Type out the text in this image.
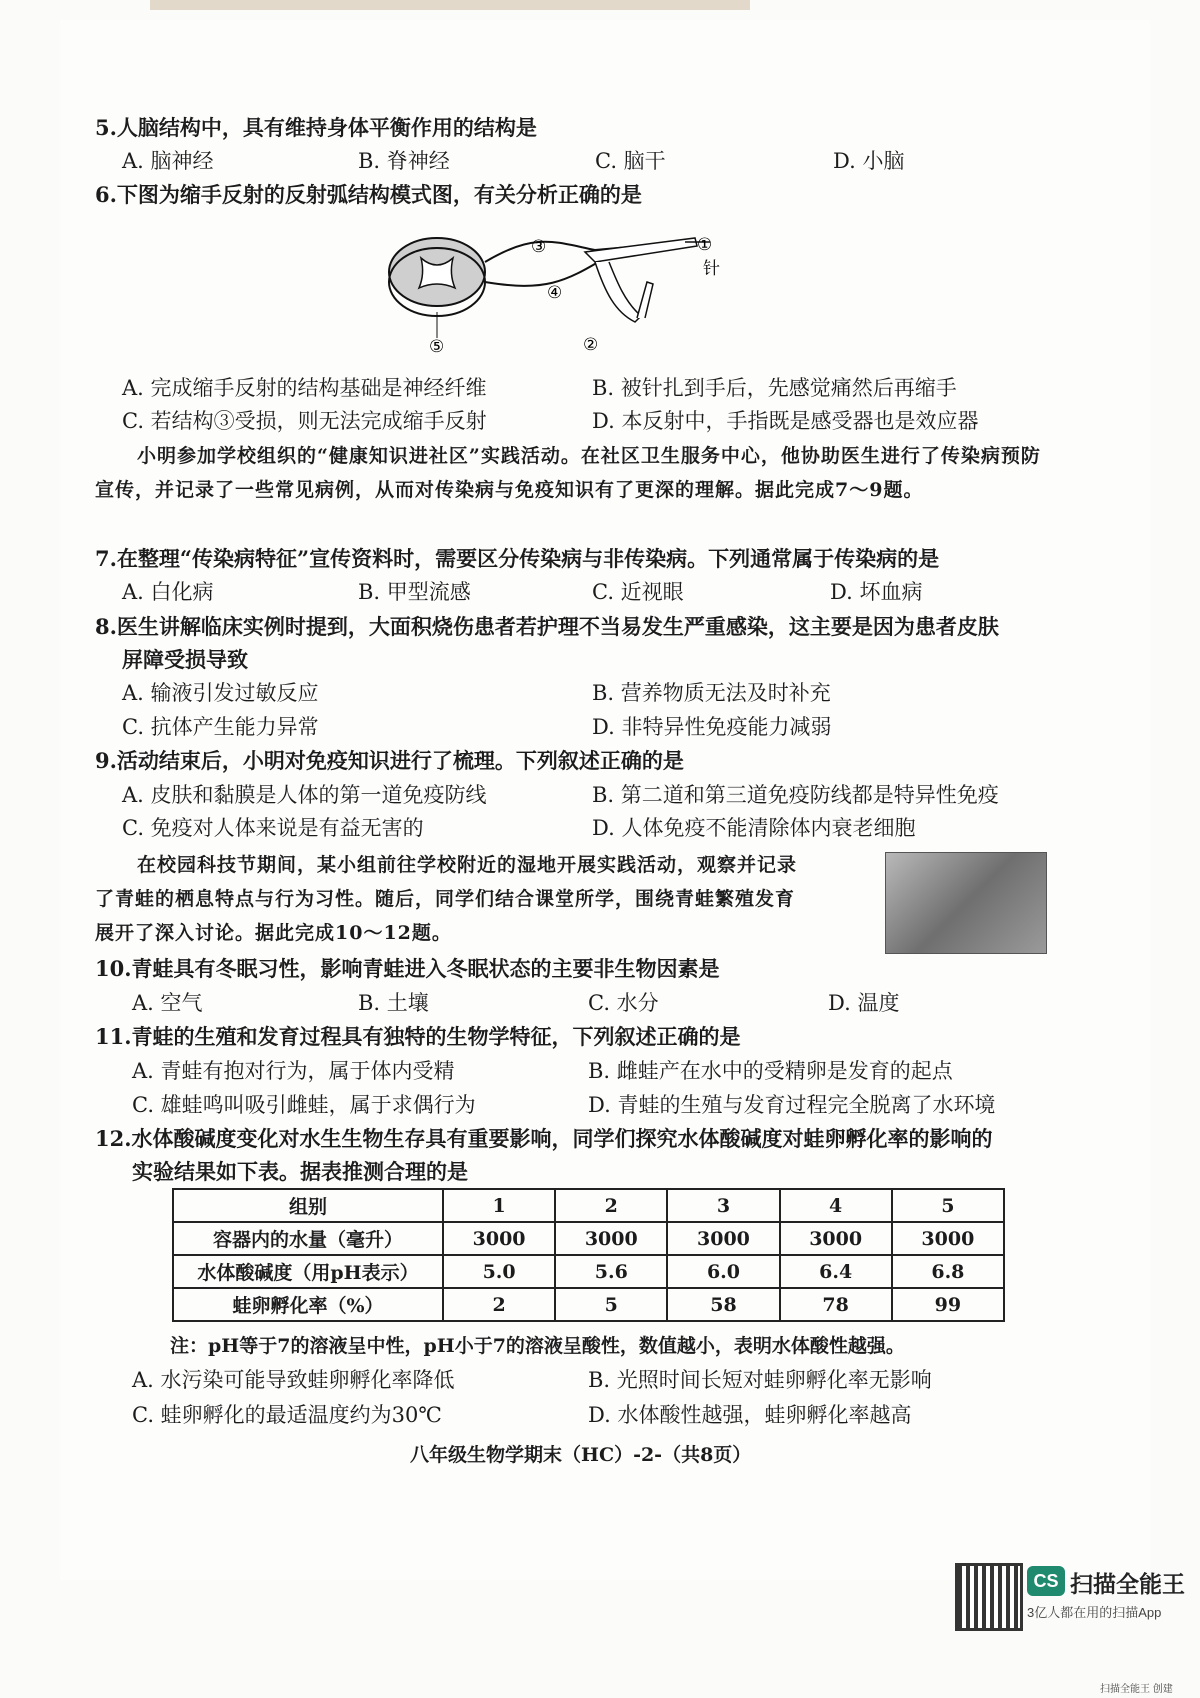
5.人脑结构中，具有维持身体平衡作用的结构是
A. 脑神经	B. 脊神经	C. 脑干	D. 小脑
6.下图为缩手反射的反射弧结构模式图，有关分析正确的是
①
②
③
④
⑤
针
A. 完成缩手反射的结构基础是神经纤维	B. 被针扎到手后，先感觉痛然后再缩手
C. 若结构③受损，则无法完成缩手反射	D. 本反射中，手指既是感受器也是效应器
小明参加学校组织的“健康知识进社区”实践活动。在社区卫生服务中心，他协助医生进行了传染病预防宣传，并记录了一些常见病例，从而对传染病与免疫知识有了更深的理解。据此完成7～9题。
7.在整理“传染病特征”宣传资料时，需要区分传染病与非传染病。下列通常属于传染病的是
A. 白化病	B. 甲型流感	C. 近视眼	D. 坏血病
8.医生讲解临床实例时提到，大面积烧伤患者若护理不当易发生严重感染，这主要是因为患者皮肤
屏障受损导致
A. 输液引发过敏反应	B. 营养物质无法及时补充
C. 抗体产生能力异常	D. 非特异性免疫能力减弱
9.活动结束后，小明对免疫知识进行了梳理。下列叙述正确的是
A. 皮肤和黏膜是人体的第一道免疫防线	B. 第二道和第三道免疫防线都是特异性免疫
C. 免疫对人体来说是有益无害的	D. 人体免疫不能清除体内衰老细胞
在校园科技节期间，某小组前往学校附近的湿地开展实践活动，观察并记录
了青蛙的栖息特点与行为习性。随后，同学们结合课堂所学，围绕青蛙繁殖发育
展开了深入讨论。据此完成10～12题。
10.青蛙具有冬眠习性，影响青蛙进入冬眠状态的主要非生物因素是
A. 空气	B. 土壤	C. 水分	D. 温度
11.青蛙的生殖和发育过程具有独特的生物学特征，下列叙述正确的是
A. 青蛙有抱对行为，属于体内受精	B. 雌蛙产在水中的受精卵是发育的起点
C. 雄蛙鸣叫吸引雌蛙，属于求偶行为	D. 青蛙的生殖与发育过程完全脱离了水环境
12.水体酸碱度变化对水生生物生存具有重要影响，同学们探究水体酸碱度对蛙卵孵化率的影响的
实验结果如下表。据表推测合理的是
组别	1	2	3	4	5
容器内的水量（毫升）	3000	3000	3000	3000	3000
水体酸碱度（用pH表示）	5.0	5.6	6.0	6.4	6.8
蛙卵孵化率（%）	2	5	58	78	99
注：pH等于7的溶液呈中性，pH小于7的溶液呈酸性，数值越小，表明水体酸性越强。
A. 水污染可能导致蛙卵孵化率降低	B. 光照时间长短对蛙卵孵化率无影响
C. 蛙卵孵化的最适温度约为30℃	D. 水体酸性越强，蛙卵孵化率越高
八年级生物学期末（HC）-2-（共8页）
CS 扫描全能王
3亿人都在用的扫描App
扫描全能王 创建
